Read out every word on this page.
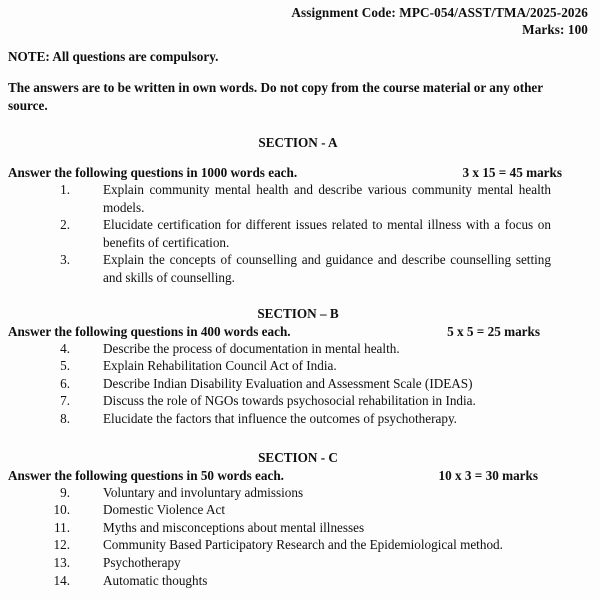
Assignment Code: MPC-054/ASST/TMA/2025-2026
Marks: 100
NOTE: All questions are compulsory.
The answers are to be written in own words. Do not copy from the course material or any other source.
SECTION - A
Answer the following questions in 1000 words each.	3 x 15 = 45 marks
1.	Explain community mental health and describe various community mental health models.
2.	Elucidate certification for different issues related to mental illness with a focus on benefits of certification.
3.	Explain the concepts of counselling and guidance and describe counselling setting and skills of counselling.
SECTION – B
Answer the following questions in 400 words each.	5 x 5 = 25 marks
4.	Describe the process of documentation in mental health.
5.	Explain Rehabilitation Council Act of India.
6.	Describe Indian Disability Evaluation and Assessment Scale (IDEAS)
7.	Discuss the role of NGOs towards psychosocial rehabilitation in India.
8.	Elucidate the factors that influence the outcomes of psychotherapy.
SECTION - C
Answer the following questions in 50 words each.	10 x 3 = 30 marks
9.	Voluntary and involuntary admissions
10.	Domestic Violence Act
11.	Myths and misconceptions about mental illnesses
12.	Community Based Participatory Research and the Epidemiological method.
13.	Psychotherapy
14.	Automatic thoughts
